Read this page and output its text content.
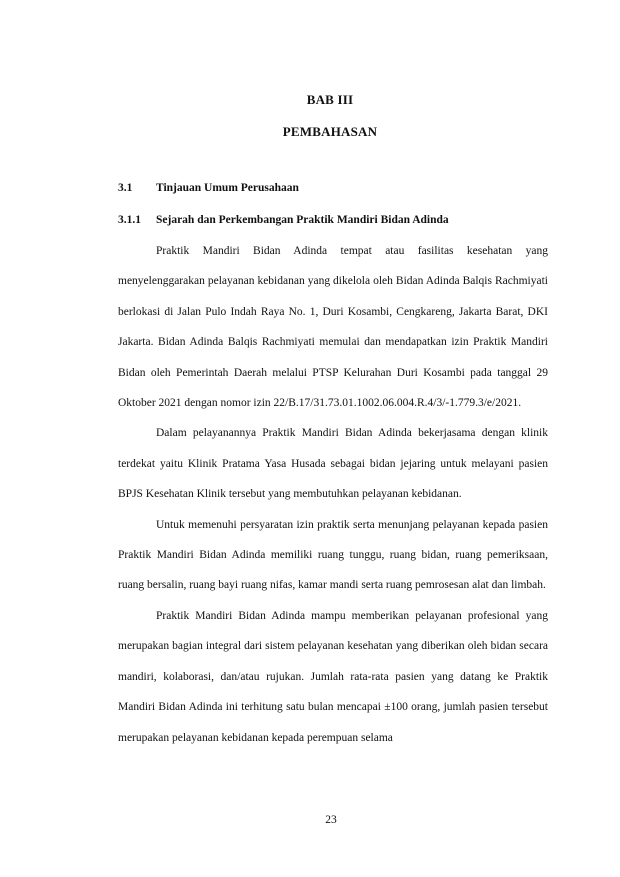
BAB III
PEMBAHASAN
3.1 Tinjauan Umum Perusahaan
3.1.1 Sejarah dan Perkembangan Praktik Mandiri Bidan Adinda

Praktik Mandiri Bidan Adinda tempat atau fasilitas kesehatan yang menyelenggarakan pelayanan kebidanan yang dikelola oleh Bidan Adinda Balqis Rachmiyati berlokasi di Jalan Pulo Indah Raya No. 1, Duri Kosambi, Cengkareng, Jakarta Barat, DKI Jakarta. Bidan Adinda Balqis Rachmiyati memulai dan mendapatkan izin Praktik Mandiri Bidan oleh Pemerintah Daerah melalui PTSP Kelurahan Duri Kosambi pada tanggal 29 Oktober 2021 dengan nomor izin 22/B.17/31.73.01.1002.06.004.R.4/3/-1.779.3/e/2021.

Dalam pelayanannya Praktik Mandiri Bidan Adinda bekerjasama dengan klinik terdekat yaitu Klinik Pratama Yasa Husada sebagai bidan jejaring untuk melayani pasien BPJS Kesehatan Klinik tersebut yang membutuhkan pelayanan kebidanan.

Untuk memenuhi persyaratan izin praktik serta menunjang pelayanan kepada pasien Praktik Mandiri Bidan Adinda memiliki ruang tunggu, ruang bidan, ruang pemeriksaan, ruang bersalin, ruang bayi ruang nifas, kamar mandi serta ruang pemrosesan alat dan limbah.

Praktik Mandiri Bidan Adinda mampu memberikan pelayanan profesional yang merupakan bagian integral dari sistem pelayanan kesehatan yang diberikan oleh bidan secara mandiri, kolaborasi, dan/atau rujukan. Jumlah rata-rata pasien yang datang ke Praktik Mandiri Bidan Adinda ini terhitung satu bulan mencapai ±100 orang, jumlah pasien tersebut merupakan pelayanan kebidanan kepada perempuan selama

23
